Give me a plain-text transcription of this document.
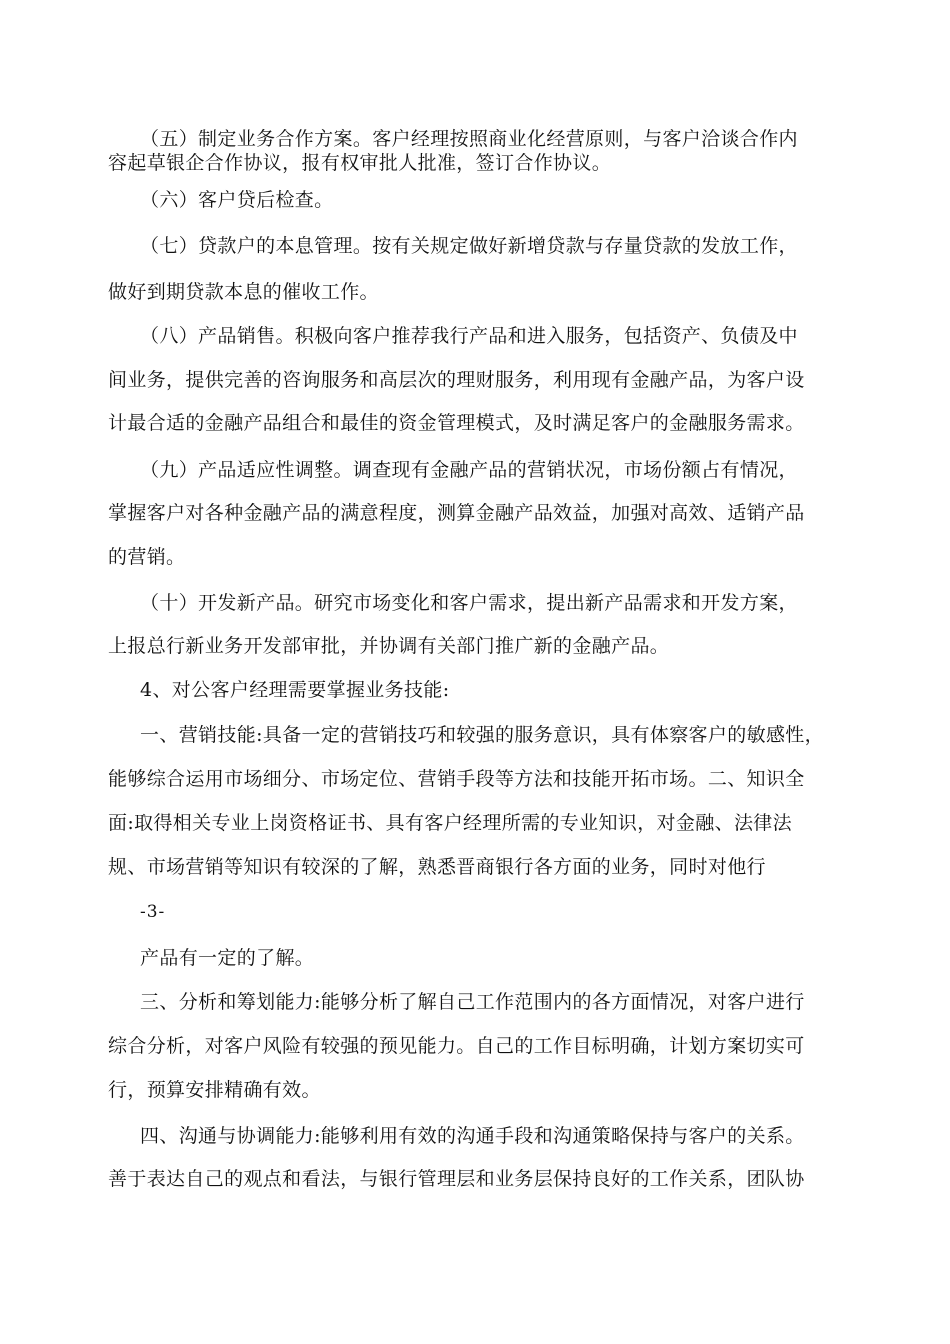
（五）制定业务合作方案。客户经理按照商业化经营原则，与客户洽谈合作内
容起草银企合作协议，报有权审批人批准，签订合作协议。
（六）客户贷后检查。
（七）贷款户的本息管理。按有关规定做好新增贷款与存量贷款的发放工作，
做好到期贷款本息的催收工作。
（八）产品销售。积极向客户推荐我行产品和进入服务，包括资产、负债及中
间业务，提供完善的咨询服务和高层次的理财服务，利用现有金融产品，为客户设
计最合适的金融产品组合和最佳的资金管理模式，及时满足客户的金融服务需求。
（九）产品适应性调整。调查现有金融产品的营销状况，市场份额占有情况，
掌握客户对各种金融产品的满意程度，测算金融产品效益，加强对高效、适销产品
的营销。
（十）开发新产品。研究市场变化和客户需求，提出新产品需求和开发方案，
上报总行新业务开发部审批，并协调有关部门推广新的金融产品。
4、对公客户经理需要掌握业务技能:
一、营销技能:具备一定的营销技巧和较强的服务意识，具有体察客户的敏感性，
能够综合运用市场细分、市场定位、营销手段等方法和技能开拓市场。二、知识全
面:取得相关专业上岗资格证书、具有客户经理所需的专业知识，对金融、法律法
规、市场营销等知识有较深的了解，熟悉晋商银行各方面的业务，同时对他行
-3-
产品有一定的了解。
三、分析和筹划能力:能够分析了解自己工作范围内的各方面情况，对客户进行
综合分析，对客户风险有较强的预见能力。自己的工作目标明确，计划方案切实可
行，预算安排精确有效。
四、沟通与协调能力:能够利用有效的沟通手段和沟通策略保持与客户的关系。
善于表达自己的观点和看法，与银行管理层和业务层保持良好的工作关系，团队协
